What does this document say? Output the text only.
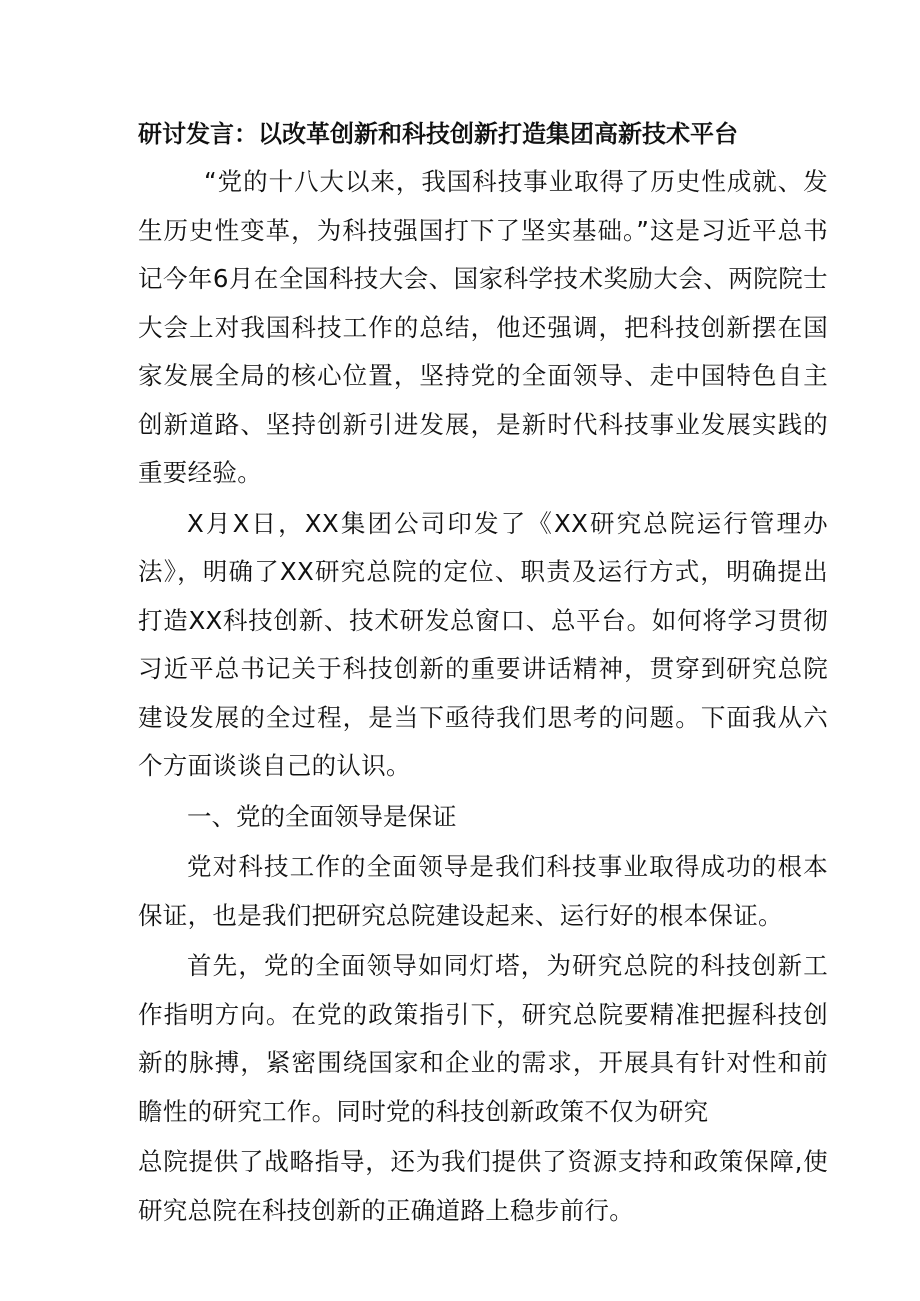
研讨发言：以改革创新和科技创新打造集团高新技术平台

“党的十八大以来，我国科技事业取得了历史性成就、发生历史性变革，为科技强国打下了坚实基础。”这是习近平总书记今年6月在全国科技大会、国家科学技术奖励大会、两院院士大会上对我国科技工作的总结，他还强调，把科技创新摆在国家发展全局的核心位置，坚持党的全面领导、走中国特色自主创新道路、坚持创新引进发展，是新时代科技事业发展实践的重要经验。

X月X日，XX集团公司印发了《XX研究总院运行管理办法》，明确了XX研究总院的定位、职责及运行方式，明确提出打造XX科技创新、技术研发总窗口、总平台。如何将学习贯彻习近平总书记关于科技创新的重要讲话精神，贯穿到研究总院建设发展的全过程，是当下亟待我们思考的问题。下面我从六个方面谈谈自己的认识。

一、党的全面领导是保证

党对科技工作的全面领导是我们科技事业取得成功的根本保证，也是我们把研究总院建设起来、运行好的根本保证。

首先，党的全面领导如同灯塔，为研究总院的科技创新工作指明方向。在党的政策指引下，研究总院要精准把握科技创新的脉搏，紧密围绕国家和企业的需求，开展具有针对性和前瞻性的研究工作。同时党的科技创新政策不仅为研究

总院提供了战略指导，还为我们提供了资源支持和政策保障,使研究总院在科技创新的正确道路上稳步前行。
